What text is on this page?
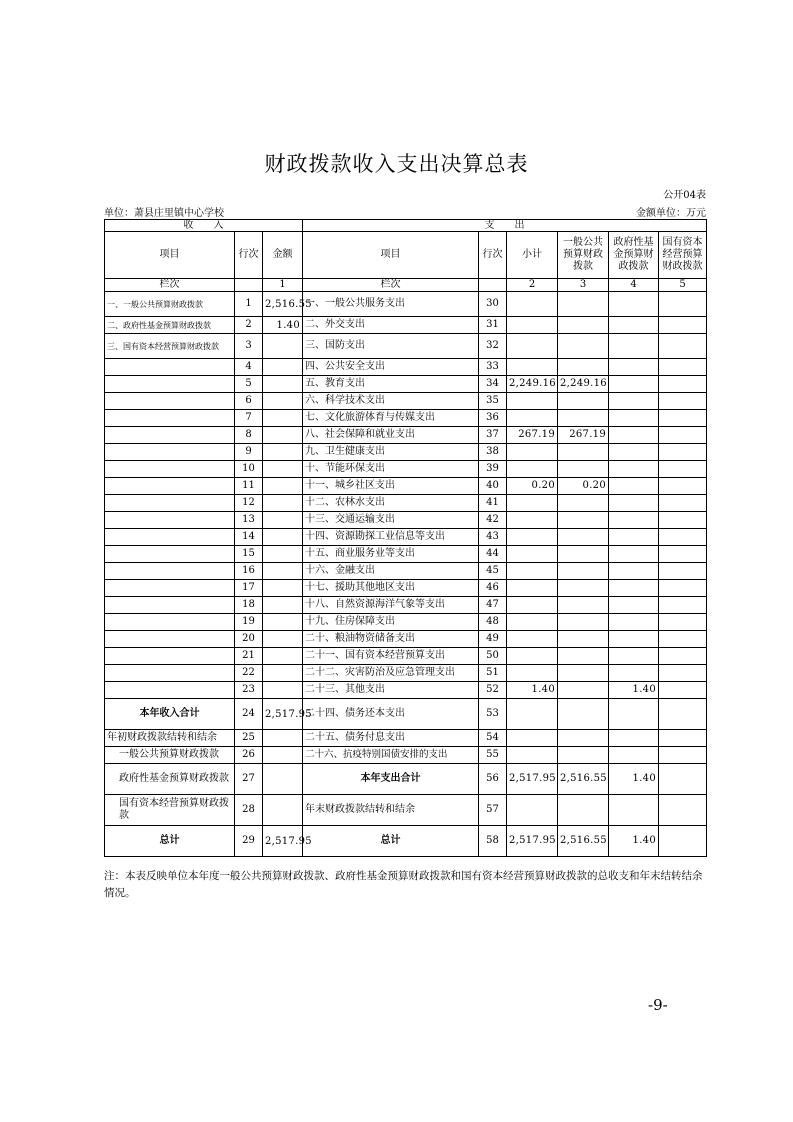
财政拨款收入支出决算总表
公开04表
单位：萧县庄里镇中心学校	金额单位：万元
收　　入			支　　出					
项目	行次	金额	项目	行次	小计	一般公共预算财政拨款	政府性基金预算财政拨款	国有资本经营预算财政拨款
栏次		1	栏次		2	3	4	5
一、一般公共预算财政拨款	1	2,516.55	一、一般公共服务支出	30				
二、政府性基金预算财政拨款	2	1.40	二、外交支出	31				
三、国有资本经营预算财政拨款	3		三、国防支出	32				
	4		四、公共安全支出	33				
	5		五、教育支出	34	2,249.16	2,249.16		
	6		六、科学技术支出	35				
	7		七、文化旅游体育与传媒支出	36				
	8		八、社会保障和就业支出	37	267.19	267.19		
	9		九、卫生健康支出	38				
	10		十、节能环保支出	39				
	11		十一、城乡社区支出	40	0.20	0.20		
	12		十二、农林水支出	41				
	13		十三、交通运输支出	42				
	14		十四、资源勘探工业信息等支出	43				
	15		十五、商业服务业等支出	44				
	16		十六、金融支出	45				
	17		十七、援助其他地区支出	46				
	18		十八、自然资源海洋气象等支出	47				
	19		十九、住房保障支出	48				
	20		二十、粮油物资储备支出	49				
	21		二十一、国有资本经营预算支出	50				
	22		二十二、灾害防治及应急管理支出	51				
	23		二十三、其他支出	52	1.40		1.40	
本年收入合计	24	2,517.95	二十四、债务还本支出	53				
年初财政拨款结转和结余	25		二十五、债务付息支出	54				
一般公共预算财政拨款	26		二十六、抗疫特别国债安排的支出	55				
政府性基金预算财政拨款	27		本年支出合计	56	2,517.95	2,516.55	1.40	
国有资本经营预算财政拨款	28		年末财政拨款结转和结余	57				
总计	29	2,517.95	总计	58	2,517.95	2,516.55	1.40	
注：本表反映单位本年度一般公共预算财政拨款、政府性基金预算财政拨款和国有资本经营预算财政拨款的总收支和年末结转结余情况。
-9-
